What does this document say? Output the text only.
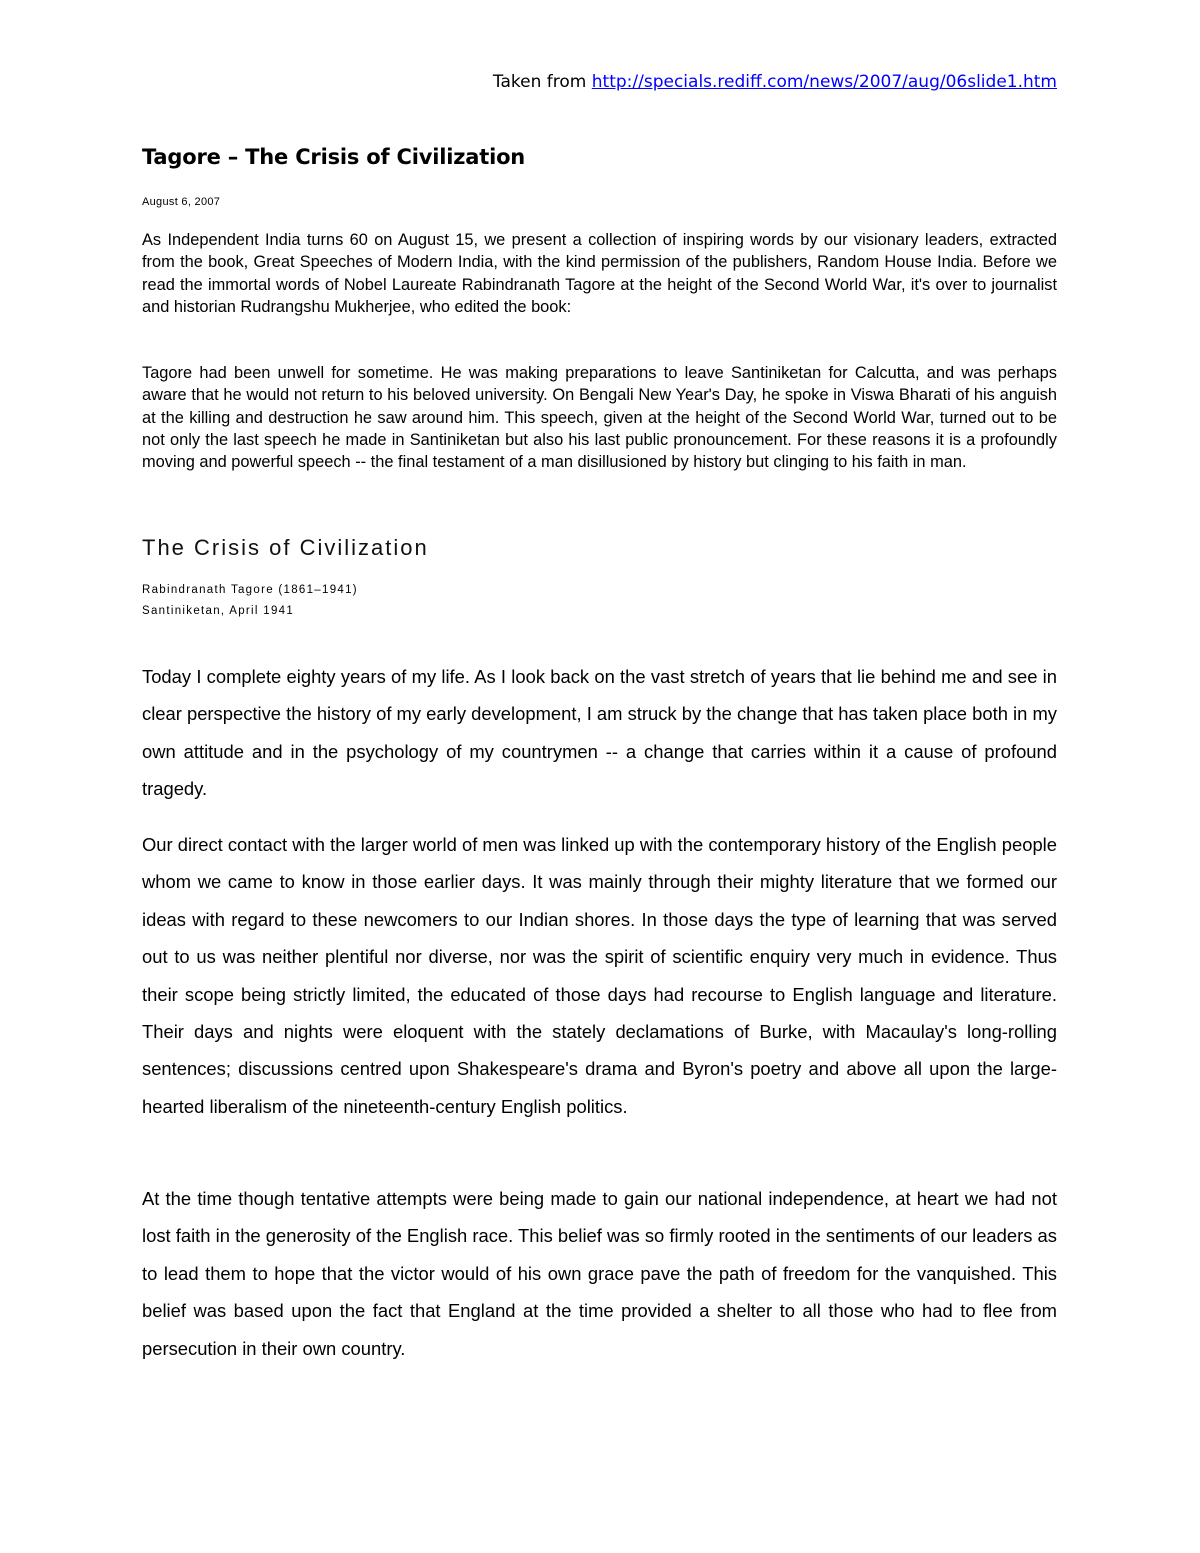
Taken from http://specials.rediff.com/news/2007/aug/06slide1.htm
Tagore – The Crisis of Civilization
August 6, 2007

As Independent India turns 60 on August 15, we present a collection of inspiring words by our visionary leaders, extracted from the book, Great Speeches of Modern India, with the kind permission of the publishers, Random House India. Before we read the immortal words of Nobel Laureate Rabindranath Tagore at the height of the Second World War, it's over to journalist and historian Rudrangshu Mukherjee, who edited the book:

Tagore had been unwell for sometime. He was making preparations to leave Santiniketan for Calcutta, and was perhaps aware that he would not return to his beloved university. On Bengali New Year's Day, he spoke in Viswa Bharati of his anguish at the killing and destruction he saw around him. This speech, given at the height of the Second World War, turned out to be not only the last speech he made in Santiniketan but also his last public pronouncement. For these reasons it is a profoundly moving and powerful speech -- the final testament of a man disillusioned by history but clinging to his faith in man.

The Crisis of Civilization
Rabindranath Tagore (1861–1941)
Santiniketan, April 1941

Today I complete eighty years of my life. As I look back on the vast stretch of years that lie behind me and see in clear perspective the history of my early development, I am struck by the change that has taken place both in my own attitude and in the psychology of my countrymen -- a change that carries within it a cause of profound tragedy.

Our direct contact with the larger world of men was linked up with the contemporary history of the English people whom we came to know in those earlier days. It was mainly through their mighty literature that we formed our ideas with regard to these newcomers to our Indian shores. In those days the type of learning that was served out to us was neither plentiful nor diverse, nor was the spirit of scientific enquiry very much in evidence. Thus their scope being strictly limited, the educated of those days had recourse to English language and literature. Their days and nights were eloquent with the stately declamations of Burke, with Macaulay's long-rolling sentences; discussions centred upon Shakespeare's drama and Byron's poetry and above all upon the large-hearted liberalism of the nineteenth-century English politics.

At the time though tentative attempts were being made to gain our national independence, at heart we had not lost faith in the generosity of the English race. This belief was so firmly rooted in the sentiments of our leaders as to lead them to hope that the victor would of his own grace pave the path of freedom for the vanquished. This belief was based upon the fact that England at the time provided a shelter to all those who had to flee from persecution in their own country.
